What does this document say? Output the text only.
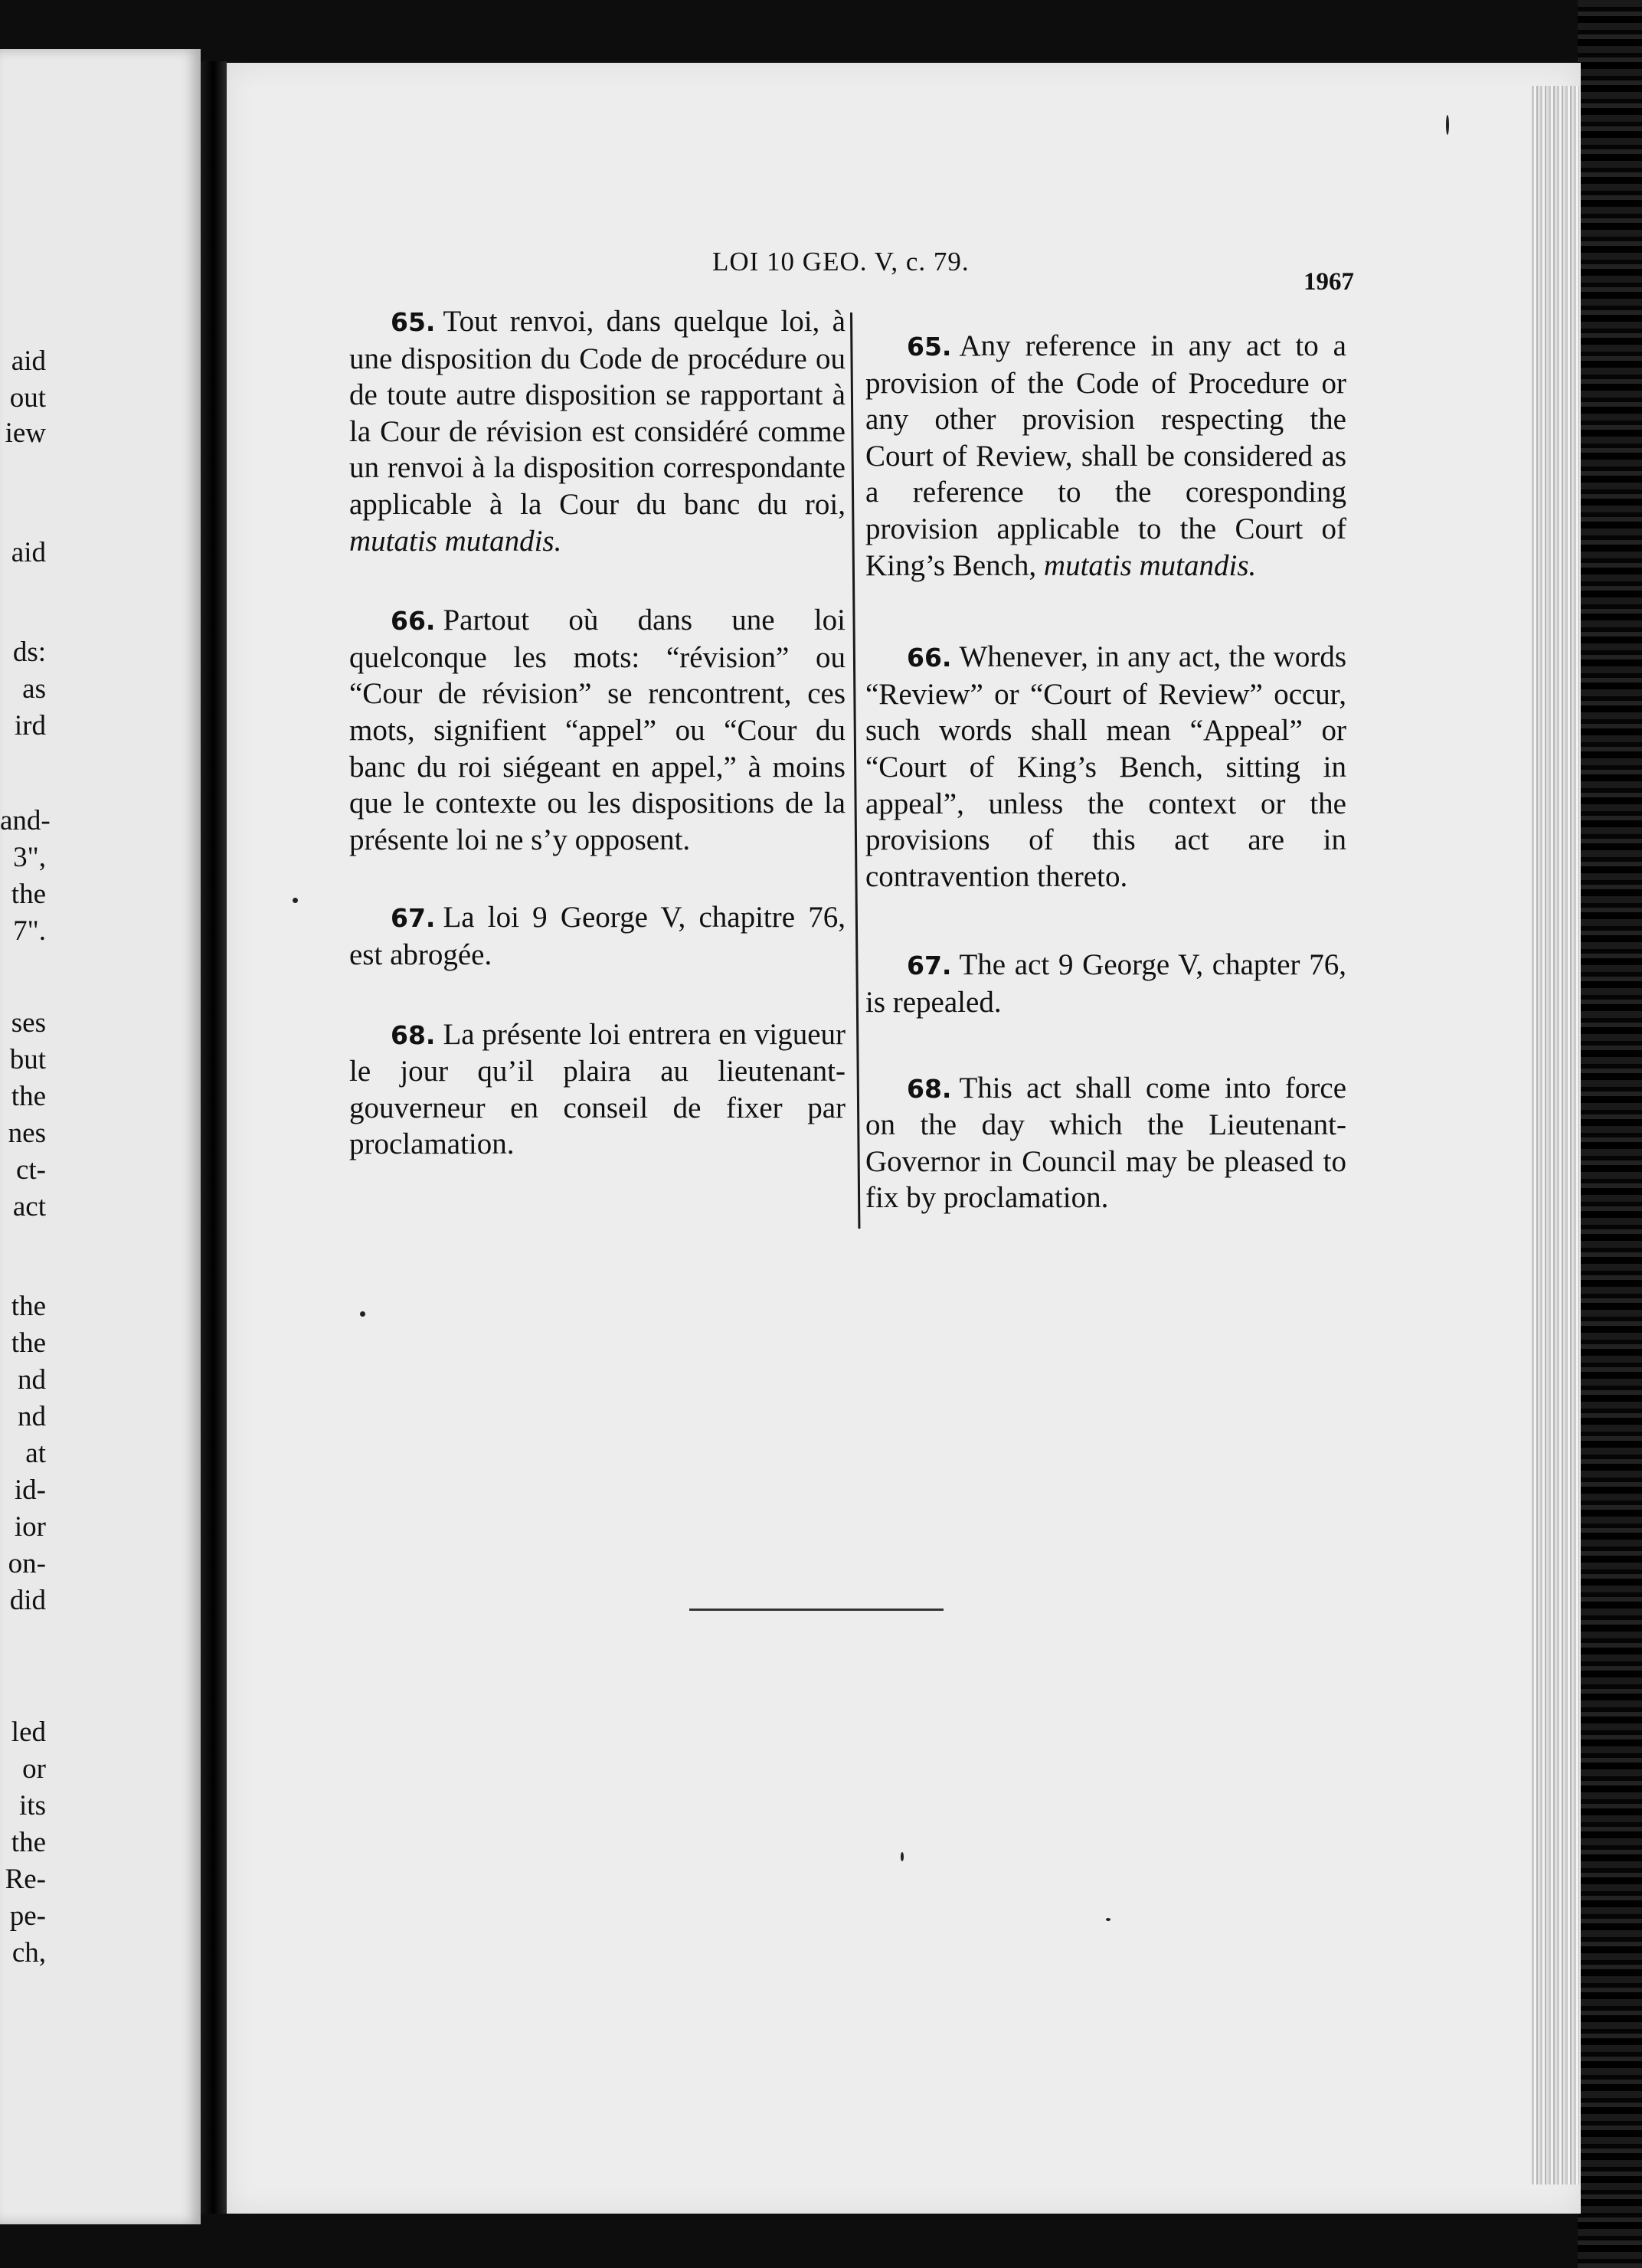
aid
out
iew
aid
ds:
as
ird
and-
3",
the
7".
ses
but
the
nes
ct-
act
the
the
nd
nd
at
id-
ior
on-
did
led
or
its
the
Re-
pe-
ch,
LOI 10 GEO. V, c. 79.
1967

65. Tout renvoi, dans quelque loi, à une disposition du Code de procédure ou de toute autre disposition se rapportant à la Cour de révision est considéré comme un renvoi à la disposition correspondante applicable à la Cour du banc du roi, mutatis mutandis.

66. Partout où dans une loi quelconque les mots: “révision” ou “Cour de révision” se rencontrent, ces mots, signifient “appel” ou “Cour du banc du roi siégeant en appel,” à moins que le contexte ou les dispositions de la présente loi ne s’y opposent.

67. La loi 9 George V, chapitre 76, est abrogée.

68. La présente loi entrera en vigueur le jour qu’il plaira au lieutenant-gouverneur en conseil de fixer par proclamation.

65. Any reference in any act to a provision of the Code of Procedure or any other provision respecting the Court of Review, shall be considered as a reference to the coresponding provision applicable to the Court of King’s Bench, mutatis mutandis.

66. Whenever, in any act, the words “Review” or “Court of Review” occur, such words shall mean “Appeal” or “Court of King’s Bench, sitting in appeal”, unless the context or the provisions of this act are in contravention thereto.

67. The act 9 George V, chapter 76, is repealed.

68. This act shall come into force on the day which the Lieutenant-Governor in Council may be pleased to fix by proclamation.
